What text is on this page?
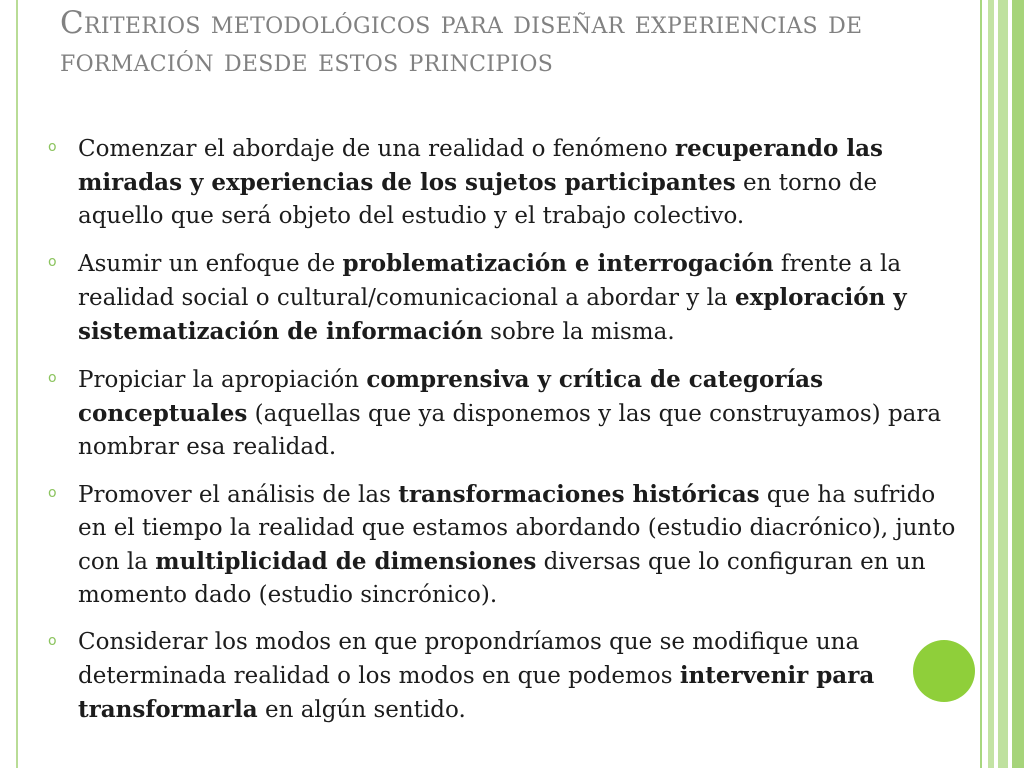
Criterios metodológicos para diseñar experiencias de formación desde estos principios
o Comenzar el abordaje de una realidad o fenómeno recuperando las miradas y experiencias de los sujetos participantes en torno de aquello que será objeto del estudio y el trabajo colectivo.
o Asumir un enfoque de problematización e interrogación frente a la realidad social o cultural/comunicacional a abordar y la exploración y sistematización de información sobre la misma.
o Propiciar la apropiación comprensiva y crítica de categorías conceptuales (aquellas que ya disponemos y las que construyamos) para nombrar esa realidad.
o Promover el análisis de las transformaciones históricas que ha sufrido en el tiempo la realidad que estamos abordando (estudio diacrónico), junto con la multiplicidad de dimensiones diversas que lo configuran en un momento dado (estudio sincrónico).
o Considerar los modos en que propondríamos que se modifique una determinada realidad o los modos en que podemos intervenir para transformarla en algún sentido.
